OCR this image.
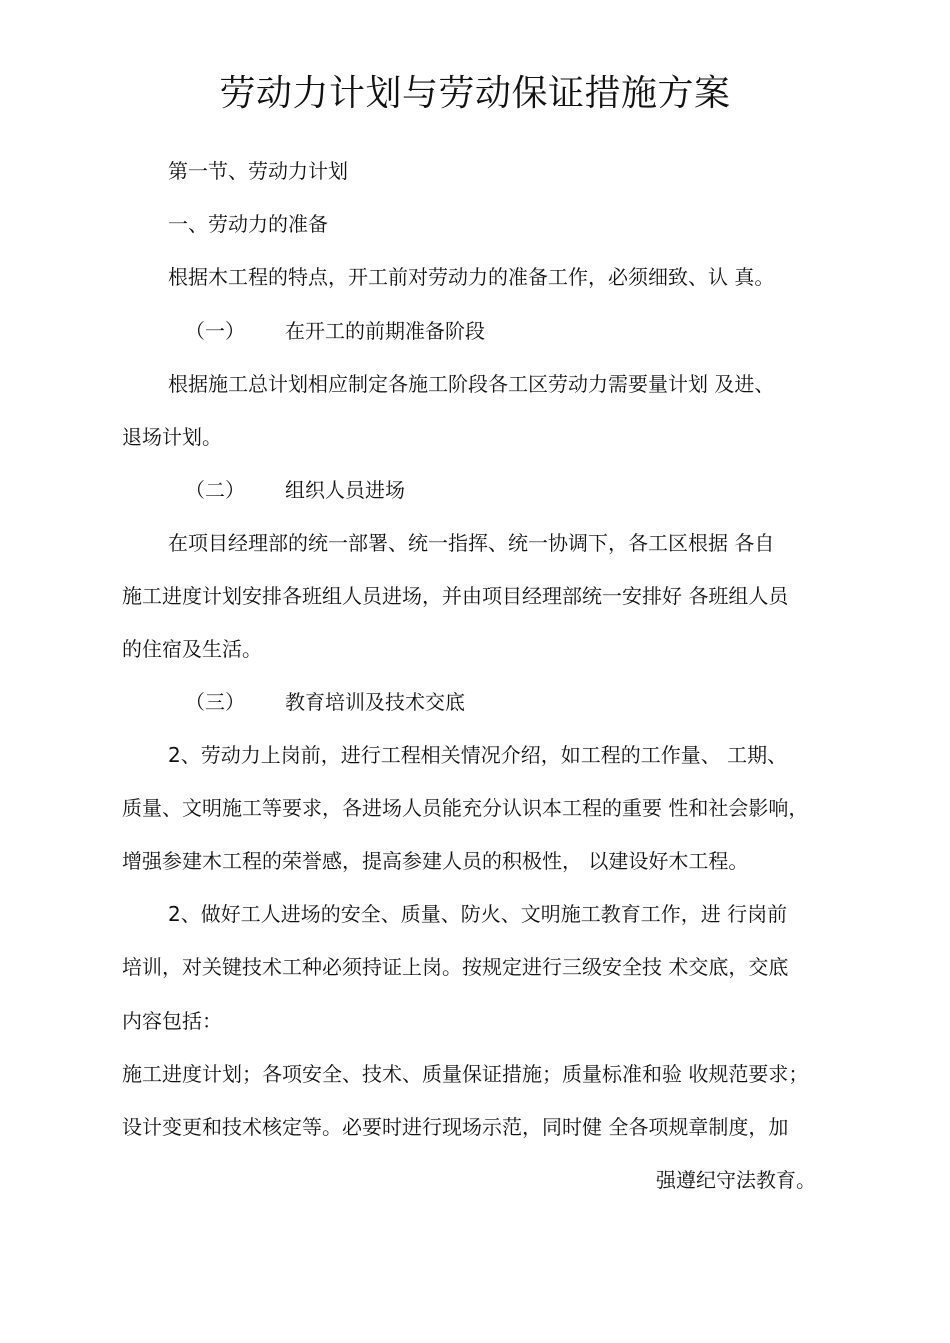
劳动力计划与劳动保证措施方案
第一节、劳动力计划
一、劳动力的准备
根据木工程的特点，开工前对劳动力的准备工作，必须细致、认 真。
（一） 在开工的前期准备阶段
根据施工总计划相应制定各施工阶段各工区劳动力需要量计划 及进、
退场计划。
（二） 组织人员进场
在项目经理部的统一部署、统一指挥、统一协调下，各工区根据 各自
施工进度计划安排各班组人员进场，并由项目经理部统一安排好 各班组人员
的住宿及生活。
（三） 教育培训及技术交底
2、劳动力上岗前，进行工程相关情况介绍，如工程的工作量、 工期、
质量、文明施工等要求，各进场人员能充分认识本工程的重要 性和社会影响，
增强参建木工程的荣誉感，提高参建人员的积极性， 以建设好木工程。
2、做好工人进场的安全、质量、防火、文明施工教育工作，进 行岗前
培训，对关键技术工种必须持证上岗。按规定进行三级安全技 术交底，交底
内容包括：
施工进度计划；各项安全、技术、质量保证措施；质量标准和验 收规范要求；
设计变更和技术核定等。必要时进行现场示范，同时健 全各项规章制度，加
强遵纪守法教育。
